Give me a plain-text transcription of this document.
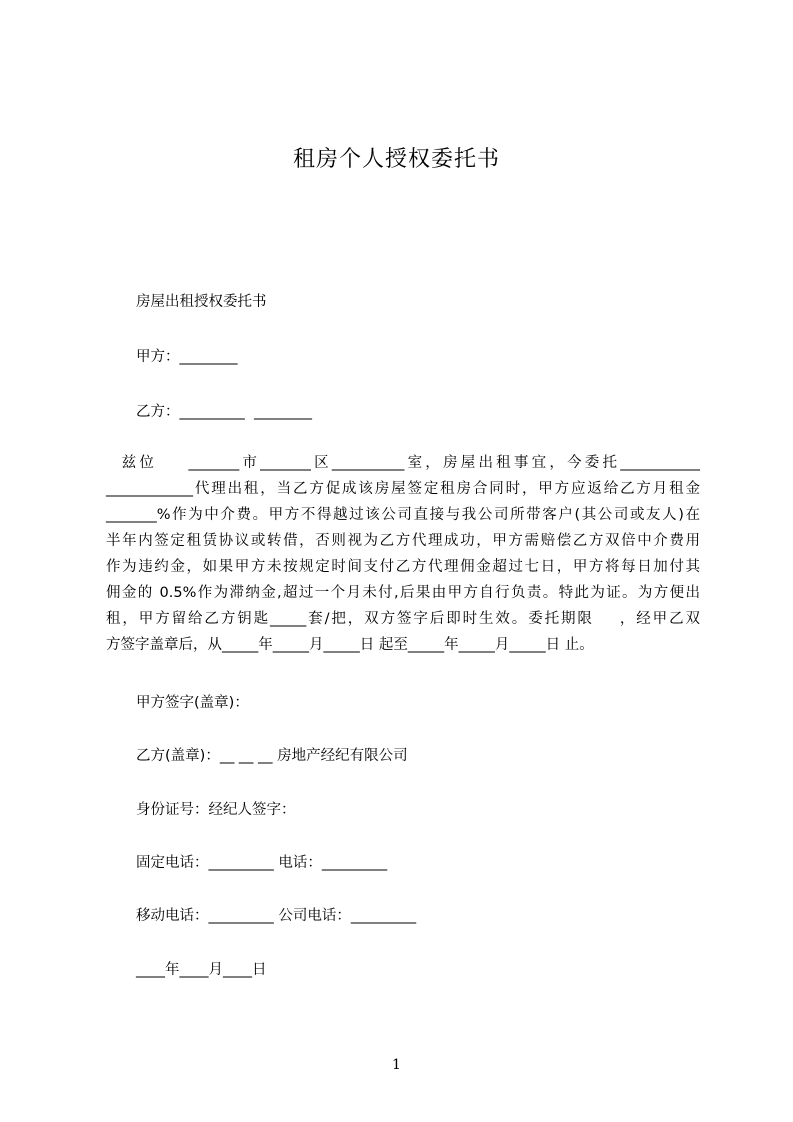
租房个人授权委托书
房屋出租授权委托书
甲方：________
乙方：_________  ________
兹位    _______市_______区__________室，房屋出租事宜，今委托___________
____________代理出租，当乙方促成该房屋签定租房合同时，甲方应返给乙方月租金
_______%作为中介费。甲方不得越过该公司直接与我公司所带客户(其公司或友人)在
半年内签定租赁协议或转借，否则视为乙方代理成功，甲方需赔偿乙方双倍中介费用
作为违约金，如果甲方未按规定时间支付乙方代理佣金超过七日，甲方将每日加付其
佣金的 0.5%作为滞纳金,超过一个月未付,后果由甲方自行负责。特此为证。为方便出
租，甲方留给乙方钥匙_____套/把，双方签字后即时生效。委托期限    ，经甲乙双
方签字盖章后，从_____年_____月_____日 起至_____年_____月_____日 止。
甲方签字(盖章)：
乙方(盖章)：__ __ __ 房地产经纪有限公司
身份证号：经纪人签字：
固定电话：_________ 电话：_________
移动电话：_________ 公司电话：_________
____年____月____日
1
